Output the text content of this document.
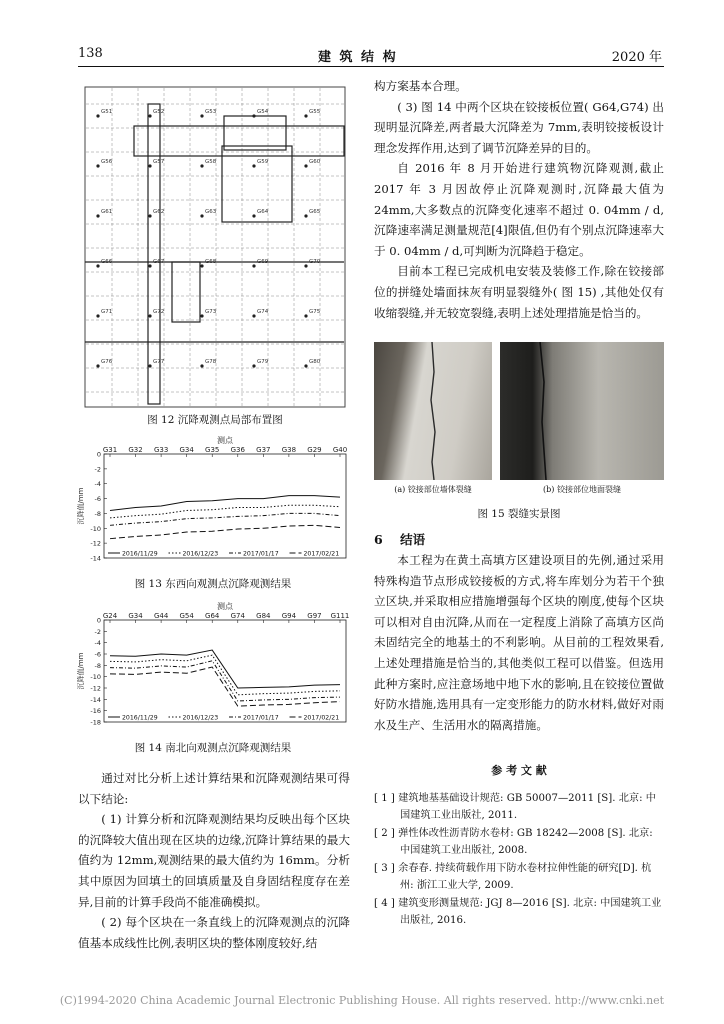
138	建 筑 结 构	2020 年
G51	G52	G53	G54	G55
G56	G57	G58	G59	G60
G61	G62	G63	G64	G65
G66	G67	G68	G69	G70
G71	G72	G73	G74	G75
G76	G77	G78	G79	G80
图 12 沉降观测点局部布置图
测点
G31 G32 G33 G34 G35 G36 G37 G38 G29 G40
0
-2
-4
-6
-8
-10
-12
-14
沉降值/mm
2016/11/29	2016/12/23	2017/01/17	2017/02/21
图 13 东西向观测点沉降观测结果
测点
G24 G34 G44 G54 G64 G74 G84 G94 G97 G111
0
-2
-4
-6
-8
-10
-12
-14
-16
-18
沉降值/mm
2016/11/29	2016/12/23	2017/01/17	2017/02/21
图 14 南北向观测点沉降观测结果

通过对比分析上述计算结果和沉降观测结果可得以下结论:

( 1) 计算分析和沉降观测结果均反映出每个区块的沉降较大值出现在区块的边缘,沉降计算结果的最大值约为 12mm,观测结果的最大值约为 16mm。分析其中原因为回填土的回填质量及自身固结程度存在差异,目前的计算手段尚不能准确模拟。

( 2) 每个区块在一条直线上的沉降观测点的沉降值基本成线性比例,表明区块的整体刚度较好,结

构方案基本合理。

( 3) 图 14 中两个区块在铰接板位置( G64,G74) 出现明显沉降差,两者最大沉降差为 7mm,表明铰接板设计理念发挥作用,达到了调节沉降差异的目的。

自 2016 年 8 月开始进行建筑物沉降观测,截止 2017 年 3 月因故停止沉降观测时,沉降最大值为 24mm,大多数点的沉降变化速率不超过 0. 04mm / d,沉降速率满足测量规范[4]限值,但仍有个别点沉降速率大于 0. 04mm / d,可判断为沉降趋于稳定。

目前本工程已完成机电安装及装修工作,除在铰接部位的拼缝处墙面抹灰有明显裂缝外( 图 15) ,其他处仅有收缩裂缝,并无较宽裂缝,表明上述处理措施是恰当的。

(a) 铰接部位墙体裂缝	(b) 铰接部位地面裂缝
图 15 裂缝实景图
6 结语

本工程为在黄土高填方区建设项目的先例,通过采用特殊构造节点形成铰接板的方式,将车库划分为若干个独立区块,并采取相应措施增强每个区块的刚度,使每个区块可以相对自由沉降,从而在一定程度上消除了高填方区尚未固结完全的地基土的不利影响。从目前的工程效果看,上述处理措施是恰当的,其他类似工程可以借鉴。但选用此种方案时,应注意场地中地下水的影响,且在铰接位置做好防水措施,选用具有一定变形能力的防水材料,做好对雨水及生产、生活用水的隔离措施。

参 考 文 献
[ 1 ] 建筑地基基础设计规范: GB 50007—2011 [S]. 北京: 中国建筑工业出版社, 2011.
[ 2 ] 弹性体改性沥青防水卷材: GB 18242—2008 [S]. 北京: 中国建筑工业出版社, 2008.
[ 3 ] 余春春. 持续荷载作用下防水卷材拉伸性能的研究[D]. 杭州: 浙江工业大学, 2009.
[ 4 ] 建筑变形测量规范: JGJ 8—2016 [S]. 北京: 中国建筑工业出版社, 2016.
(C)1994-2020 China Academic Journal Electronic Publishing House. All rights reserved. http://www.cnki.net
